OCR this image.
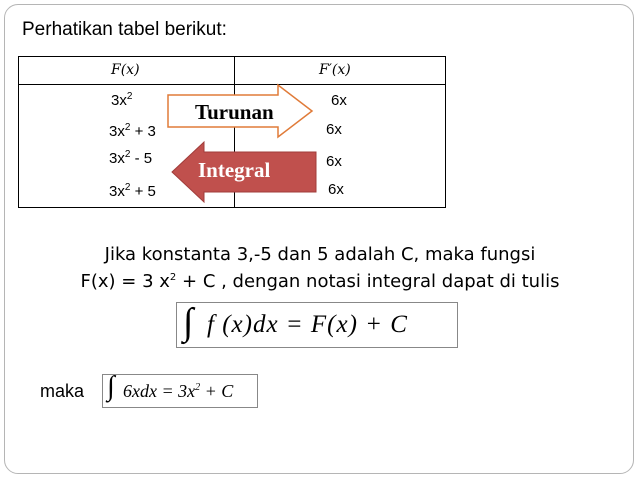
Perhatikan tabel berikut:
F(x)	F′(x)
$3x^2$
$3x^2 + 3$
$3x^2 - 5$
$3x^2 + 5$
6x
6x
6x
6x
Turunan
Integral
Jika konstanta 3,-5 dan 5 adalah C, maka fungsi
F(x) = 3 $x^2 + C$ , dengan notasi integral dapat di tulis
∫ f (x)dx = F(x) + C
maka ∫ $6xdx = 3x^2 + C$
